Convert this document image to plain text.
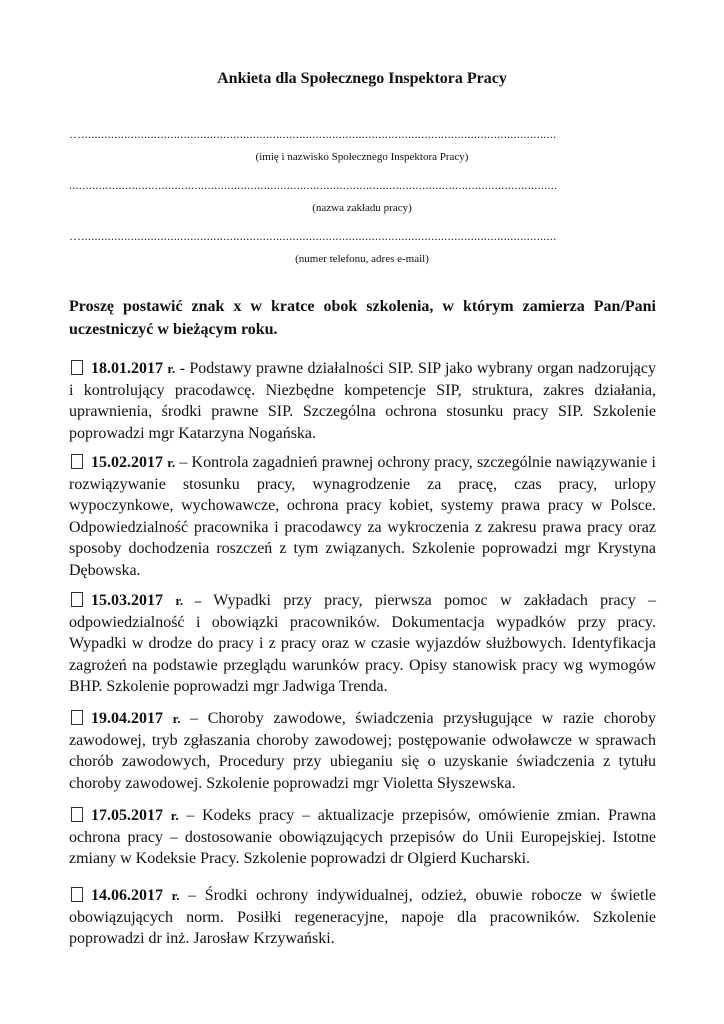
Ankieta dla Społecznego Inspektora Pracy
…................................................................................................................................................
(imię i nazwisko Społecznego Inspektora Pracy)
....................................................................................................................................................
(nazwa zakładu pracy)
…................................................................................................................................................
(numer telefonu, adres e-mail)
Proszę postawić znak x w kratce obok szkolenia, w którym zamierza Pan/Pani uczestniczyć w bieżącym roku.
18.01.2017 r. - Podstawy prawne działalności SIP. SIP jako wybrany organ nadzorujący i kontrolujący pracodawcę. Niezbędne kompetencje SIP, struktura, zakres działania, uprawnienia, środki prawne SIP. Szczególna ochrona stosunku pracy SIP. Szkolenie poprowadzi mgr Katarzyna Nogańska.
15.02.2017 r. – Kontrola zagadnień prawnej ochrony pracy, szczególnie nawiązywanie i rozwiązywanie stosunku pracy, wynagrodzenie za pracę, czas pracy, urlopy wypoczynkowe, wychowawcze, ochrona pracy kobiet, systemy prawa pracy w Polsce. Odpowiedzialność pracownika i pracodawcy za wykroczenia z zakresu prawa pracy oraz sposoby dochodzenia roszczeń z tym związanych. Szkolenie poprowadzi mgr Krystyna Dębowska.
15.03.2017 r. – Wypadki przy pracy, pierwsza pomoc w zakładach pracy – odpowiedzialność i obowiązki pracowników. Dokumentacja wypadków przy pracy. Wypadki w drodze do pracy i z pracy oraz w czasie wyjazdów służbowych. Identyfikacja zagrożeń na podstawie przeglądu warunków pracy. Opisy stanowisk pracy wg wymogów BHP. Szkolenie poprowadzi mgr Jadwiga Trenda.
19.04.2017 r. – Choroby zawodowe, świadczenia przysługujące w razie choroby zawodowej, tryb zgłaszania choroby zawodowej; postępowanie odwoławcze w sprawach chorób zawodowych, Procedury przy ubieganiu się o uzyskanie świadczenia z tytułu choroby zawodowej. Szkolenie poprowadzi mgr Violetta Słyszewska.
17.05.2017 r. – Kodeks pracy – aktualizacje przepisów, omówienie zmian. Prawna ochrona pracy – dostosowanie obowiązujących przepisów do Unii Europejskiej. Istotne zmiany w Kodeksie Pracy. Szkolenie poprowadzi dr Olgierd Kucharski.
14.06.2017 r. – Środki ochrony indywidualnej, odzież, obuwie robocze w świetle obowiązujących norm. Posiłki regeneracyjne, napoje dla pracowników. Szkolenie poprowadzi dr inż. Jarosław Krzywański.
